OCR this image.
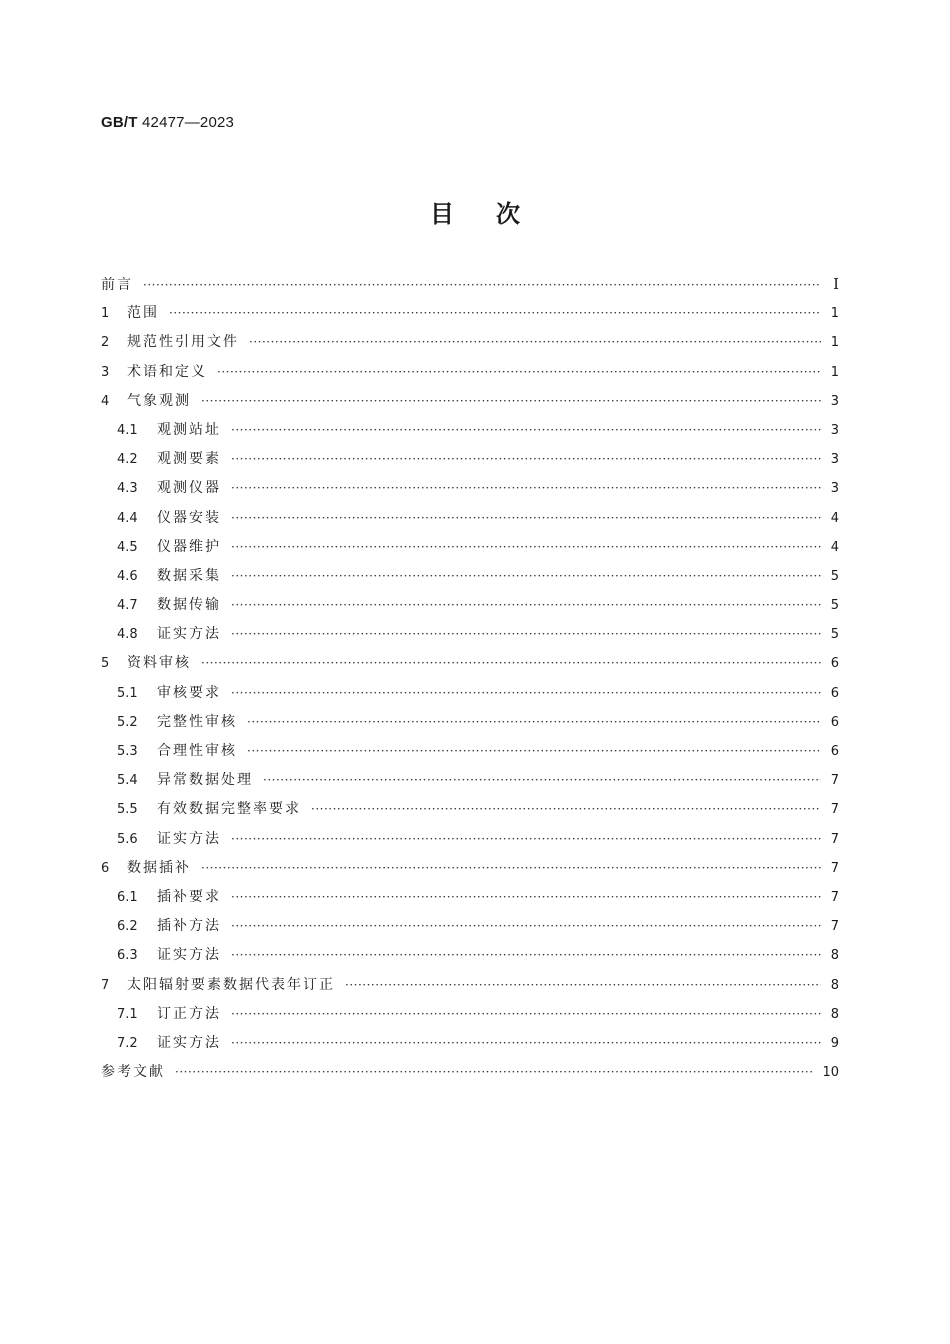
GB/T 42477—2023
目次
前言 ·····	I
1	范围 ·····	1
2	规范性引用文件 ·····	1
3	术语和定义 ·····	1
4	气象观测 ·····	3
4.1	观测站址 ·····	3
4.2	观测要素 ·····	3
4.3	观测仪器 ·····	3
4.4	仪器安装 ·····	4
4.5	仪器维护 ·····	4
4.6	数据采集 ·····	5
4.7	数据传输 ·····	5
4.8	证实方法 ·····	5
5	资料审核 ·····	6
5.1	审核要求 ·····	6
5.2	完整性审核 ·····	6
5.3	合理性审核 ·····	6
5.4	异常数据处理 ·····	7
5.5	有效数据完整率要求 ·····	7
5.6	证实方法 ·····	7
6	数据插补 ·····	7
6.1	插补要求 ·····	7
6.2	插补方法 ·····	7
6.3	证实方法 ·····	8
7	太阳辐射要素数据代表年订正 ·····	8
7.1	订正方法 ·····	8
7.2	证实方法 ·····	9
参考文献 ·····	10
